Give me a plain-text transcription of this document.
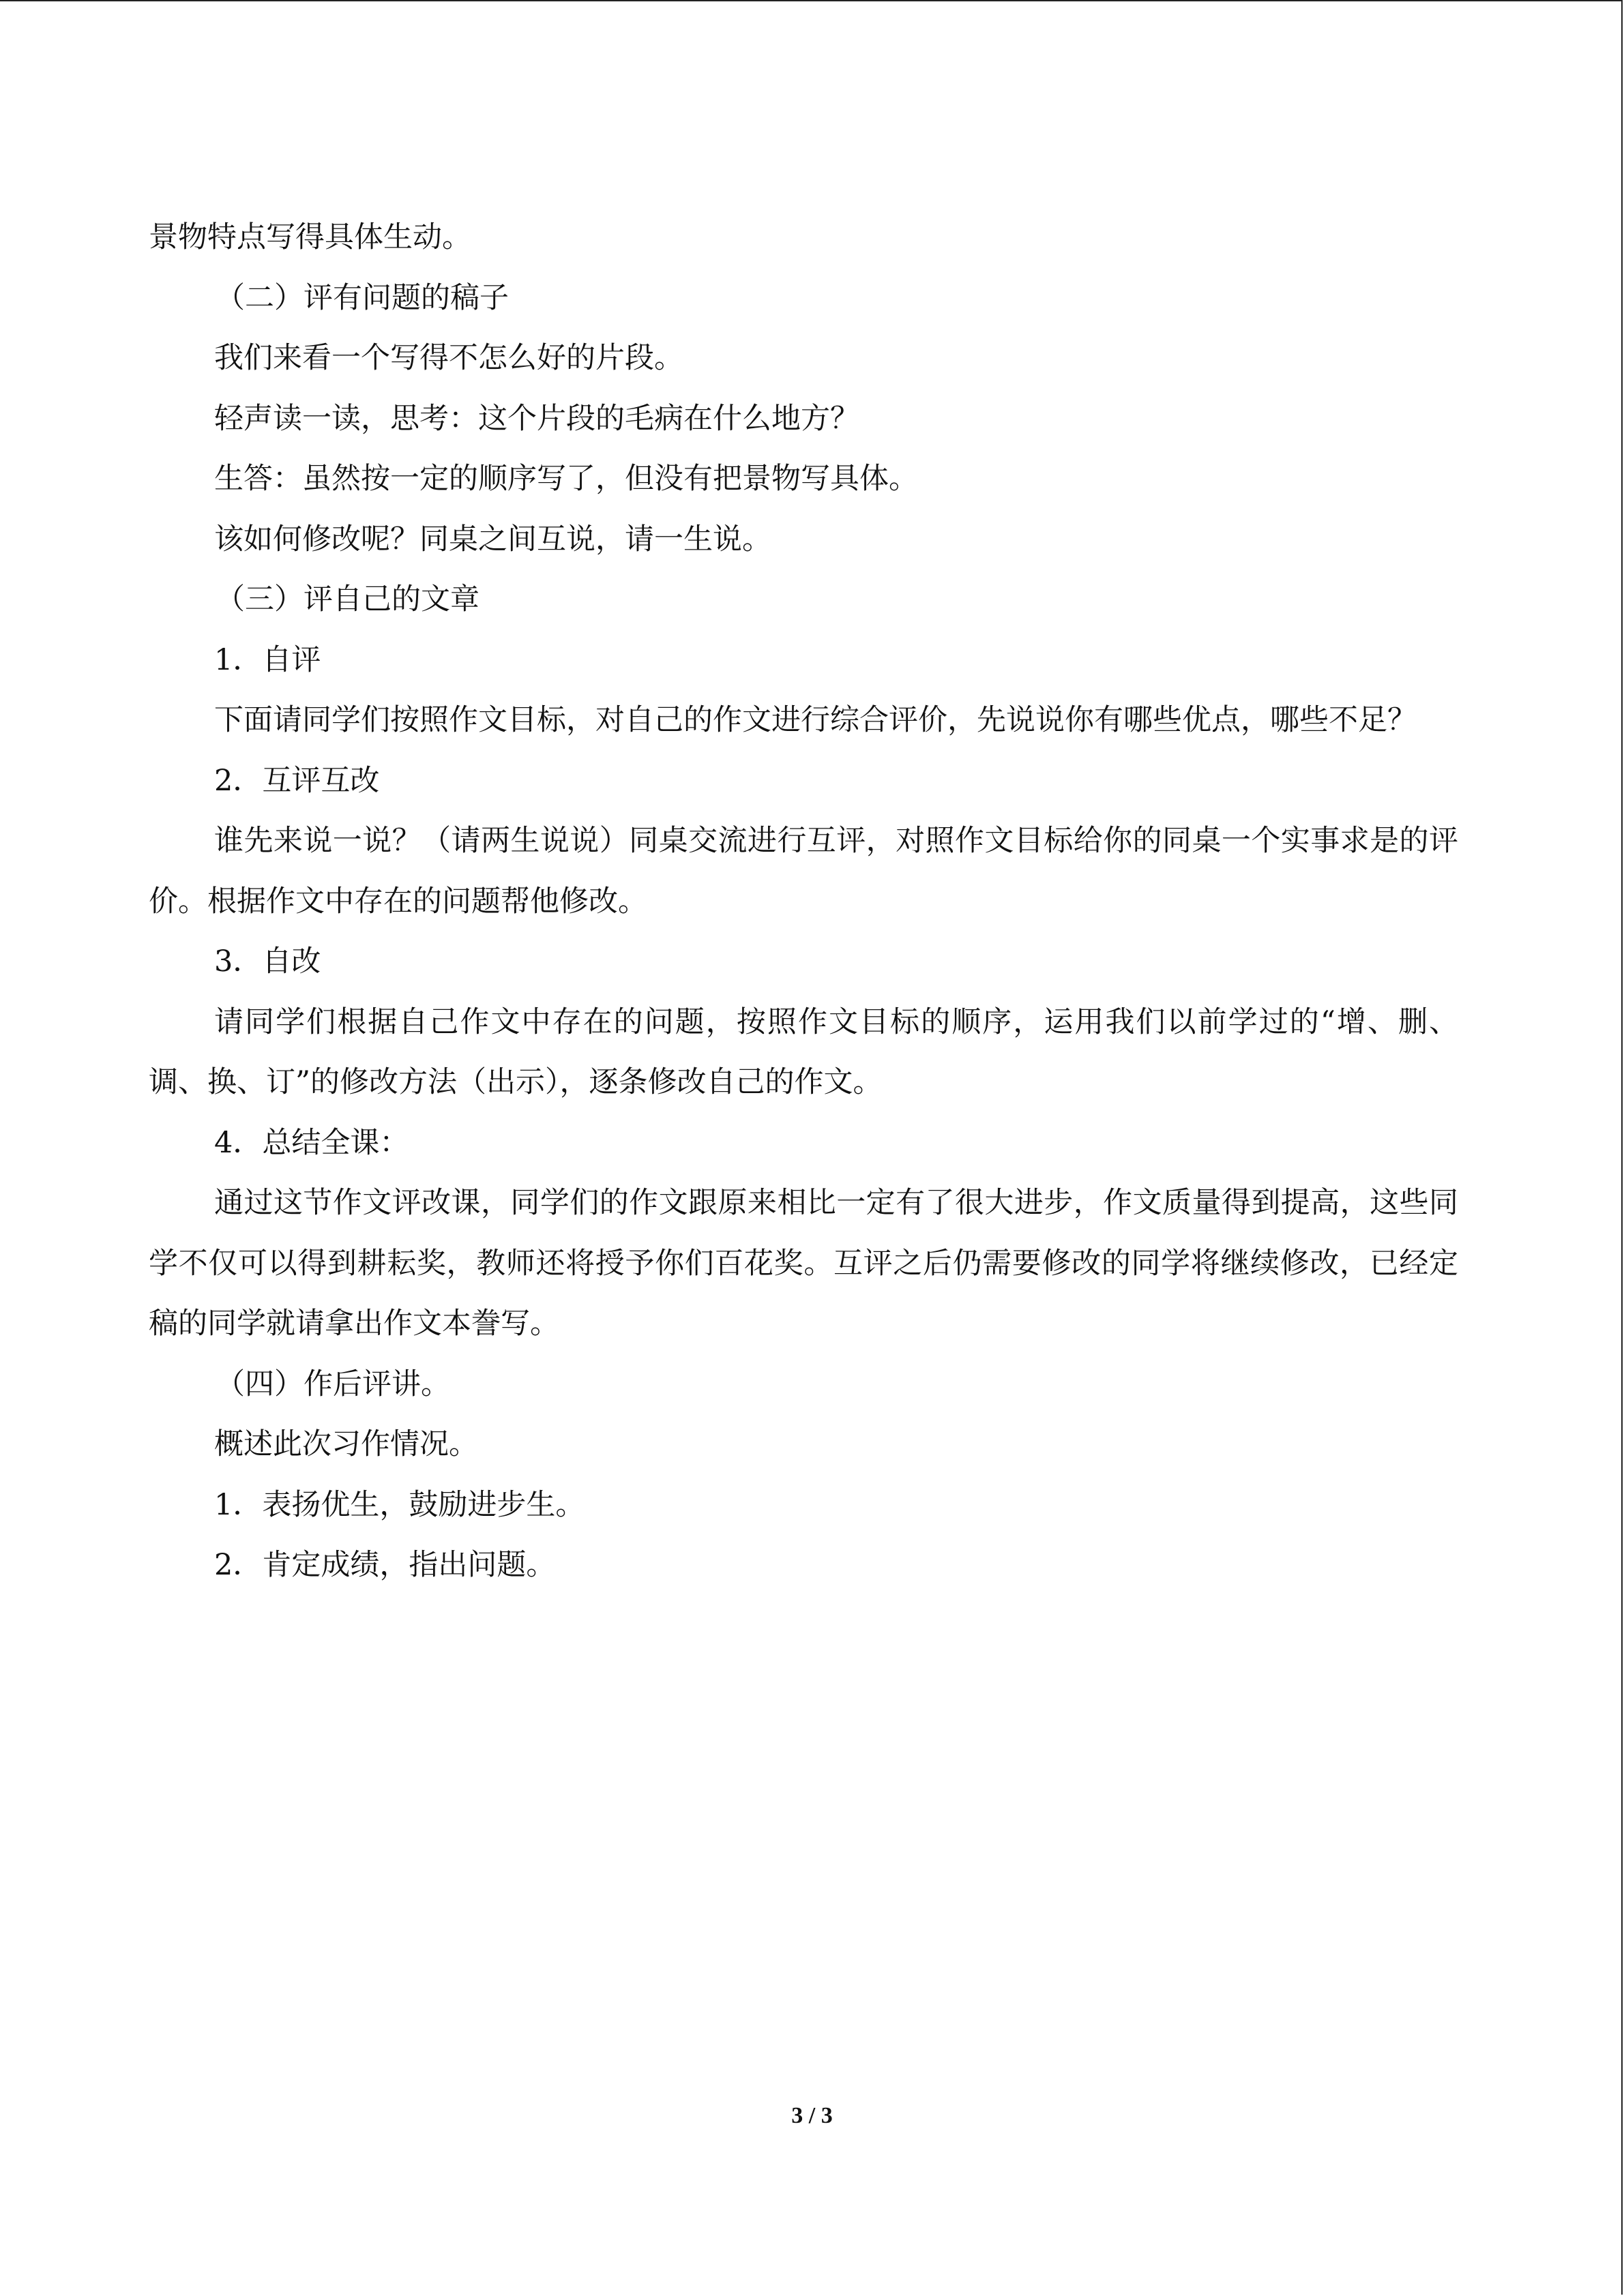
景物特点写得具体生动。
（二）评有问题的稿子
我们来看一个写得不怎么好的片段。
轻声读一读，思考：这个片段的毛病在什么地方？
生答：虽然按一定的顺序写了，但没有把景物写具体。
该如何修改呢？同桌之间互说，请一生说。
（三）评自己的文章
1．自评
下面请同学们按照作文目标，对自己的作文进行综合评价，先说说你有哪些优点，哪些不足？
2．互评互改
谁先来说一说？（请两生说说）同桌交流进行互评，对照作文目标给你的同桌一个实事求是的评价。根据作文中存在的问题帮他修改。
3．自改
请同学们根据自己作文中存在的问题，按照作文目标的顺序，运用我们以前学过的“增、删、调、换、订”的修改方法（出示），逐条修改自己的作文。
4．总结全课：
通过这节作文评改课，同学们的作文跟原来相比一定有了很大进步，作文质量得到提高，这些同学不仅可以得到耕耘奖，教师还将授予你们百花奖。互评之后仍需要修改的同学将继续修改，已经定稿的同学就请拿出作文本誊写。
（四）作后评讲。
概述此次习作情况。
1．表扬优生，鼓励进步生。
2．肯定成绩，指出问题。
3 / 3
